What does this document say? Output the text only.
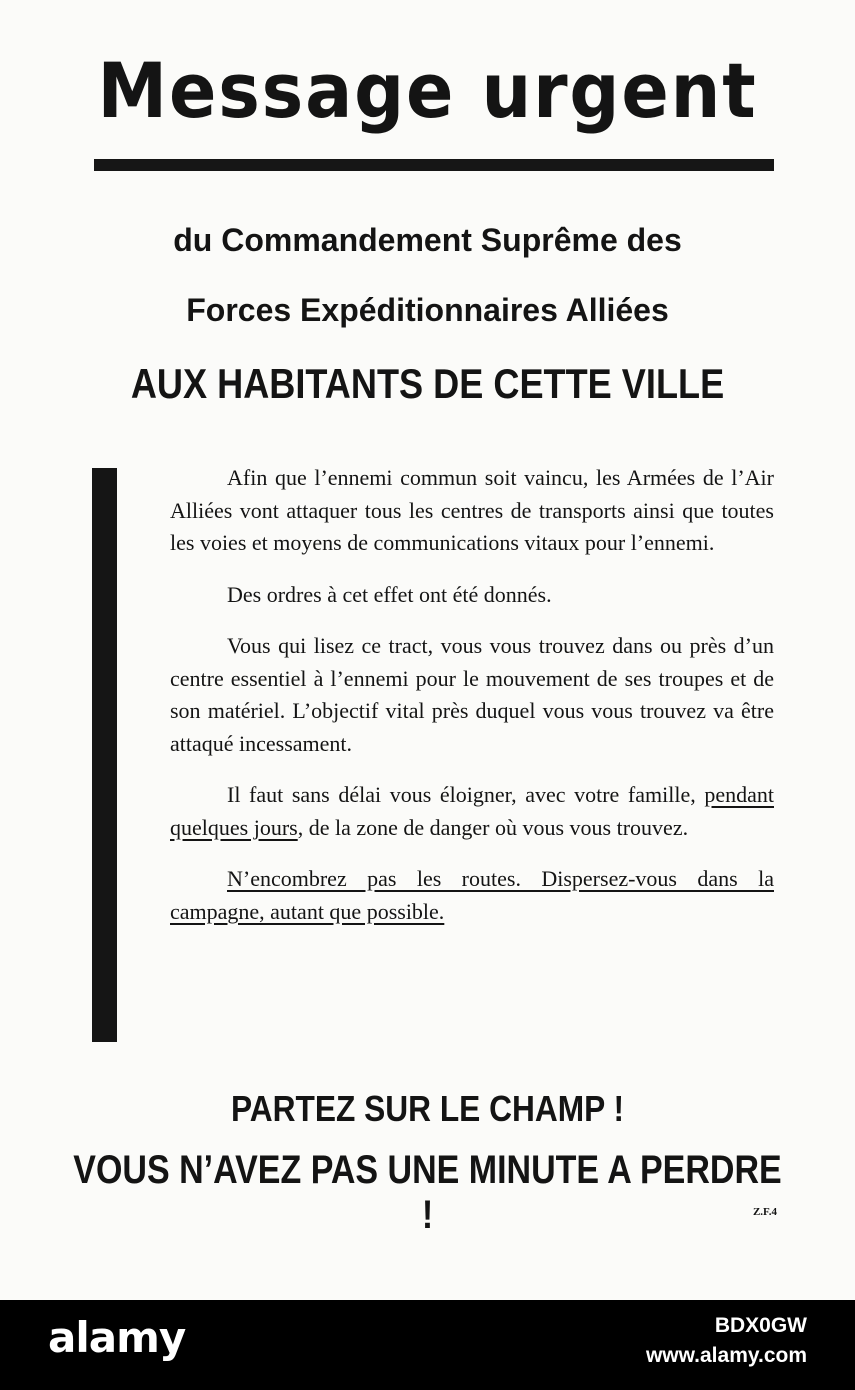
Message urgent

du Commandement Suprême des

Forces Expéditionnaires Alliées

AUX HABITANTS DE CETTE VILLE

Afin que l’ennemi commun soit vaincu, les Armées de l’Air Alliées vont attaquer tous les centres de transports ainsi que toutes les voies et moyens de communications vitaux pour l’ennemi.

Des ordres à cet effet ont été donnés.

Vous qui lisez ce tract, vous vous trouvez dans ou près d’un centre essentiel à l’ennemi pour le mouvement de ses troupes et de son matériel. L’objectif vital près duquel vous vous trouvez va être attaqué incessament.

Il faut sans délai vous éloigner, avec votre famille, pendant quelques jours, de la zone de danger où vous vous trouvez.

N’encombrez pas les routes. Dispersez-vous dans la campagne, autant que possible.

PARTEZ SUR LE CHAMP !

VOUS N’AVEZ PAS UNE MINUTE A PERDRE !	Z.F.4
alamy	BDX0GW
www.alamy.com
